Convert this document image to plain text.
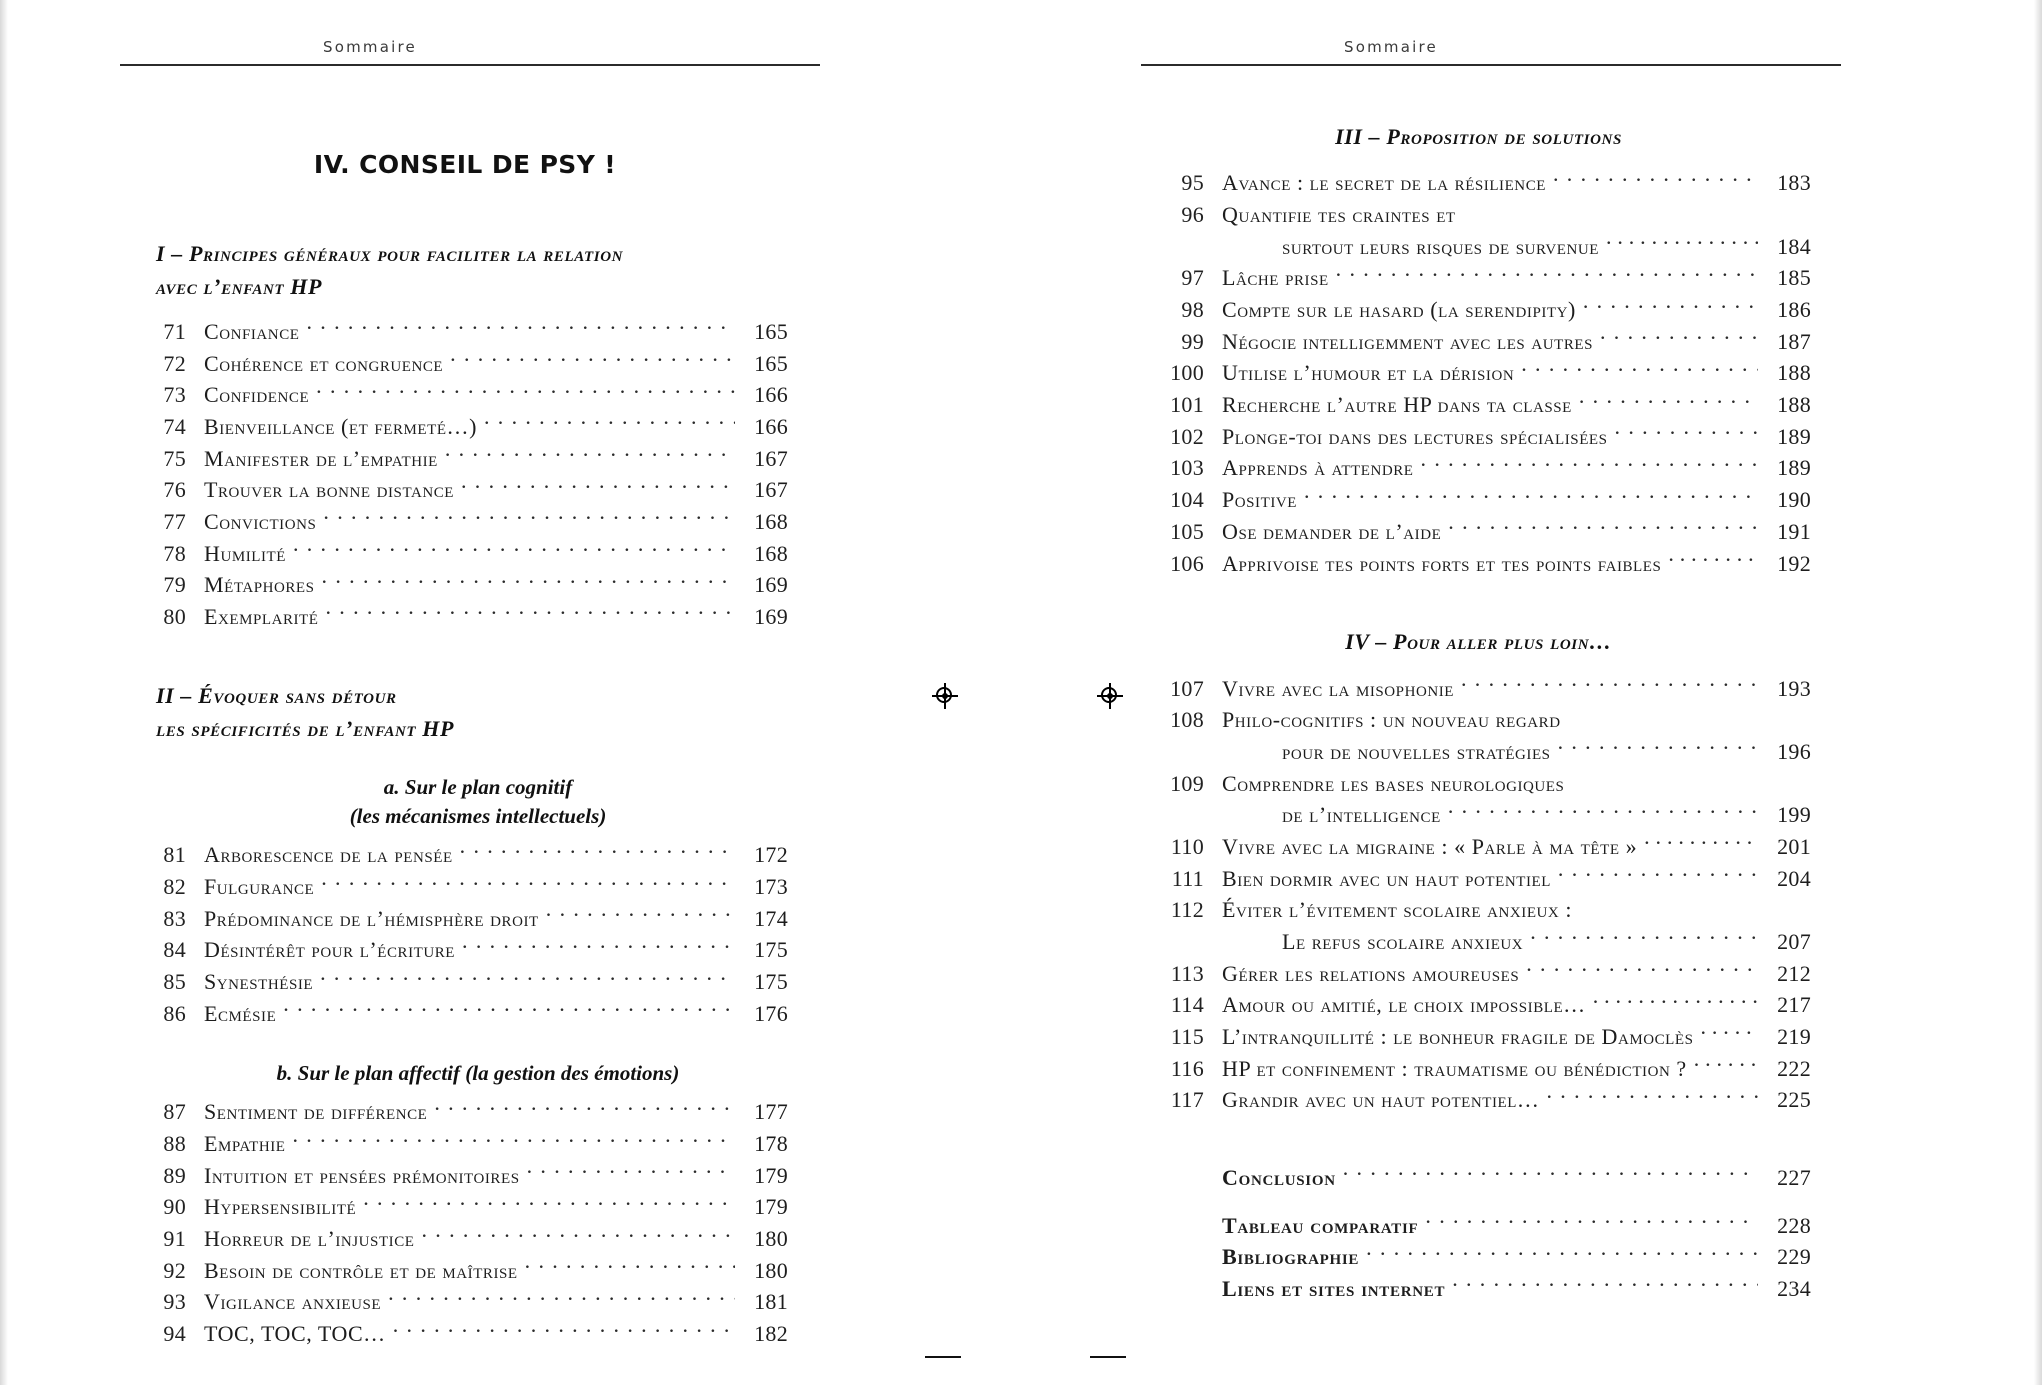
Sommaire
IV. CONSEIL DE PSY !
I – Principes généraux pour faciliter la relation
avec l’enfant HP
71 Confiance . . .	165
72 Cohérence et congruence . . .	165
73 Confidence . . .	166
74 Bienveillance (et fermeté…) . . .	166
75 Manifester de l’empathie . . .	167
76 Trouver la bonne distance . . .	167
77 Convictions . . .	168
78 Humilité . . .	168
79 Métaphores . . .	169
80 Exemplarité . . .	169
II – Évoquer sans détour
les spécificités de l’enfant HP
a. Sur le plan cognitif
(les mécanismes intellectuels)
81 Arborescence de la pensée . . .	172
82 Fulgurance . . .	173
83 Prédominance de l’hémisphère droit . . .	174
84 Désintérêt pour l’écriture . . .	175
85 Synesthésie . . .	175
86 Ecmésie . . .	176
b. Sur le plan affectif (la gestion des émotions)
87 Sentiment de différence . . .	177
88 Empathie . . .	178
89 Intuition et pensées prémonitoires . . .	179
90 Hypersensibilité . . .	179
91 Horreur de l’injustice . . .	180
92 Besoin de contrôle et de maîtrise . . .	180
93 Vigilance anxieuse . . .	181
94 TOC, TOC, TOC… . . .	182
Sommaire
III – Proposition de solutions
95 Avance : le secret de la résilience . . .	183
96 Quantifie tes craintes et
surtout leurs risques de survenue . . .	184
97 Lâche prise . . .	185
98 Compte sur le hasard (la serendipity) . . .	186
99 Négocie intelligemment avec les autres . . .	187
100 Utilise l’humour et la dérision . . .	188
101 Recherche l’autre HP dans ta classe . . .	188
102 Plonge-toi dans des lectures spécialisées . . .	189
103 Apprends à attendre . . .	189
104 Positive . . .	190
105 Ose demander de l’aide . . .	191
106 Apprivoise tes points forts et tes points faibles . . .	192
IV – Pour aller plus loin…
107 Vivre avec la misophonie . . .	193
108 Philo-cognitifs : un nouveau regard
pour de nouvelles stratégies . . .	196
109 Comprendre les bases neurologiques
de l’intelligence . . .	199
110 Vivre avec la migraine : « Parle à ma tête » . . .	201
111 Bien dormir avec un haut potentiel . . .	204
112 Éviter l’évitement scolaire anxieux :
Le refus scolaire anxieux . . .	207
113 Gérer les relations amoureuses . . .	212
114 Amour ou amitié, le choix impossible… . . .	217
115 L’intranquillité : le bonheur fragile de Damoclès . . .	219
116 HP et confinement : traumatisme ou bénédiction ? . . .	222
117 Grandir avec un haut potentiel… . . .	225
Conclusion . . .	227
Tableau comparatif . . .	228
Bibliographie . . .	229
Liens et sites internet . . .	234
